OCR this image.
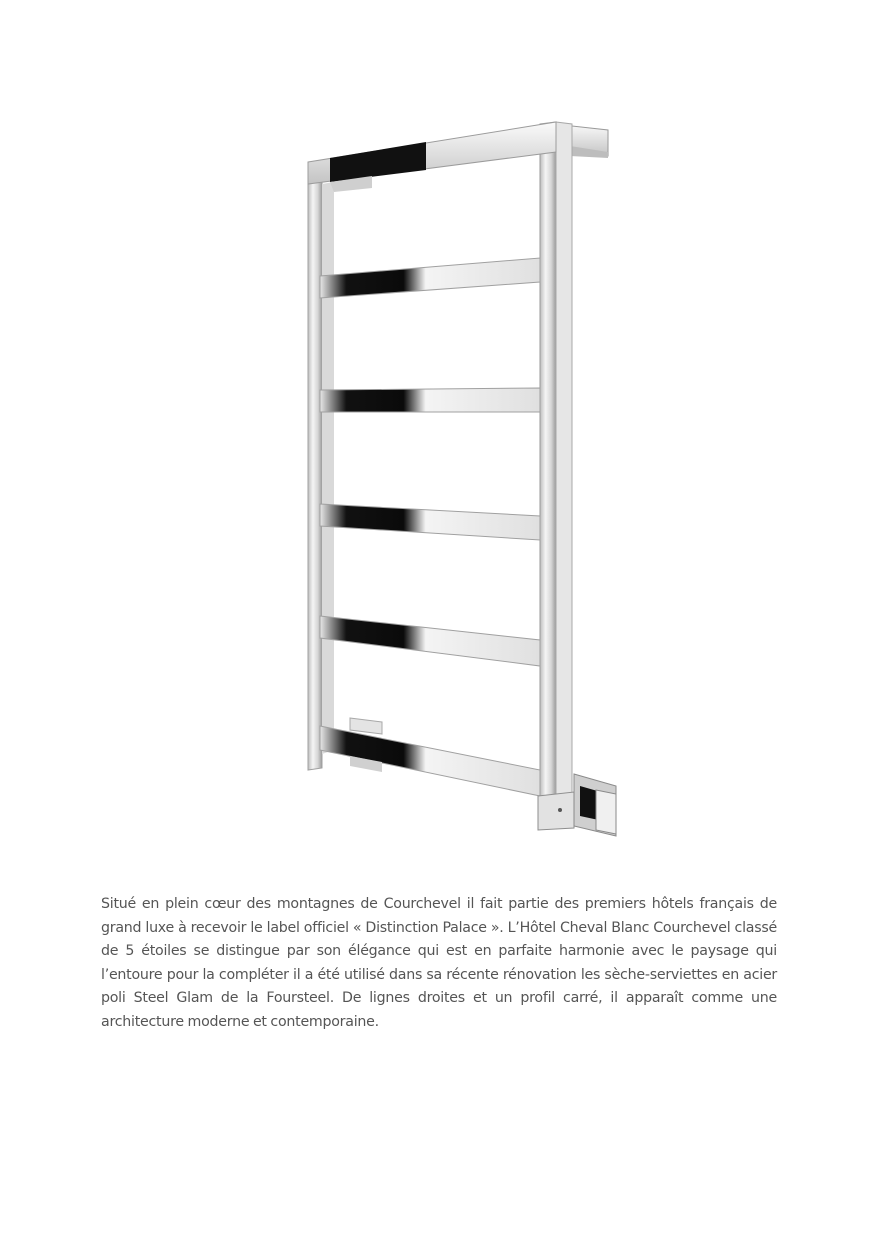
Situé en plein cœur des montagnes de Courchevel il fait partie des premiers hôtels français de grand luxe à recevoir le label officiel « Distinction Palace ». L’Hôtel Cheval Blanc Courchevel classé de 5 étoiles se distingue par son élégance qui est en parfaite harmonie avec le paysage qui l’entoure pour la compléter il a été utilisé dans sa récente rénovation les sèche-serviettes en acier poli Steel Glam de la Foursteel. De lignes droites et un profil carré, il apparaît comme une architecture moderne et contemporaine.
